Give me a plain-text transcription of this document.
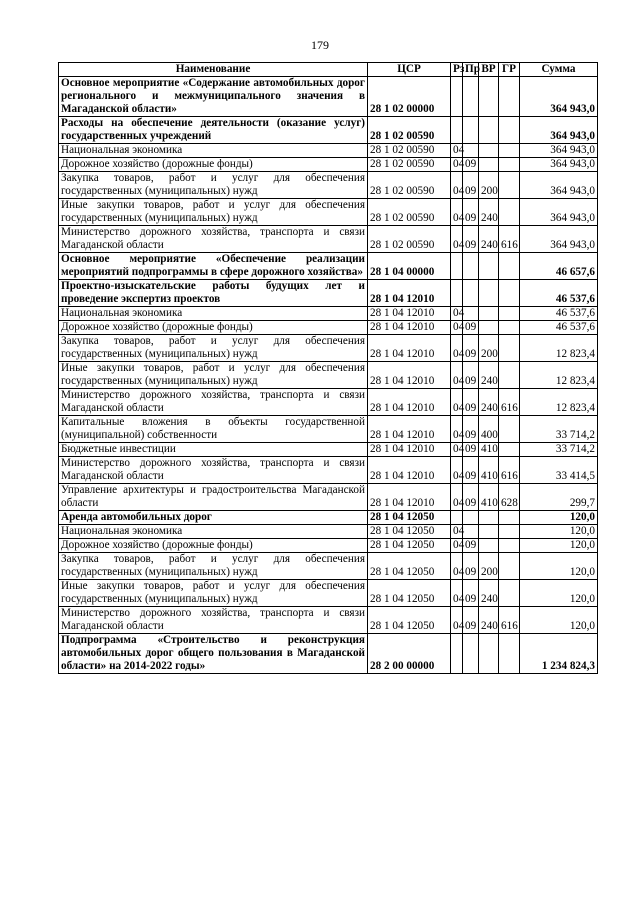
179
Наименование	ЦСР	Рз	Пр	ВР	ГР	Сумма
Основное мероприятие «Содержание автомобильных дорог регионального и межмуниципального значения в Магаданской области»	28 1 02 00000					364 943,0
Расходы на обеспечение деятельности (оказание услуг) государственных учреждений	28 1 02 00590					364 943,0
Национальная экономика	28 1 02 00590	04				364 943,0
Дорожное хозяйство (дорожные фонды)	28 1 02 00590	04	09			364 943,0
Закупка товаров, работ и услуг для обеспечения государственных (муниципальных) нужд	28 1 02 00590	04	09	200		364 943,0
Иные закупки товаров, работ и услуг для обеспечения государственных (муниципальных) нужд	28 1 02 00590	04	09	240		364 943,0
Министерство дорожного хозяйства, транспорта и связи Магаданской области	28 1 02 00590	04	09	240	616	364 943,0
Основное мероприятие «Обеспечение реализации мероприятий подпрограммы в сфере дорожного хозяйства»	28 1 04 00000					46 657,6
Проектно-изыскательские работы будущих лет и проведение экспертиз проектов	28 1 04 12010					46 537,6
Национальная экономика	28 1 04 12010	04				46 537,6
Дорожное хозяйство (дорожные фонды)	28 1 04 12010	04	09			46 537,6
Закупка товаров, работ и услуг для обеспечения государственных (муниципальных) нужд	28 1 04 12010	04	09	200		12 823,4
Иные закупки товаров, работ и услуг для обеспечения государственных (муниципальных) нужд	28 1 04 12010	04	09	240		12 823,4
Министерство дорожного хозяйства, транспорта и связи Магаданской области	28 1 04 12010	04	09	240	616	12 823,4
Капитальные вложения в объекты государственной (муниципальной) собственности	28 1 04 12010	04	09	400		33 714,2
Бюджетные инвестиции	28 1 04 12010	04	09	410		33 714,2
Министерство дорожного хозяйства, транспорта и связи Магаданской области	28 1 04 12010	04	09	410	616	33 414,5
Управление архитектуры и градостроительства Магаданской области	28 1 04 12010	04	09	410	628	299,7
Аренда автомобильных дорог	28 1 04 12050					120,0
Национальная экономика	28 1 04 12050	04				120,0
Дорожное хозяйство (дорожные фонды)	28 1 04 12050	04	09			120,0
Закупка товаров, работ и услуг для обеспечения государственных (муниципальных) нужд	28 1 04 12050	04	09	200		120,0
Иные закупки товаров, работ и услуг для обеспечения государственных (муниципальных) нужд	28 1 04 12050	04	09	240		120,0
Министерство дорожного хозяйства, транспорта и связи Магаданской области	28 1 04 12050	04	09	240	616	120,0
Подпрограмма «Строительство и реконструкция автомобильных дорог общего пользования в Магаданской области» на 2014-2022 годы»	28 2 00 00000					1 234 824,3
